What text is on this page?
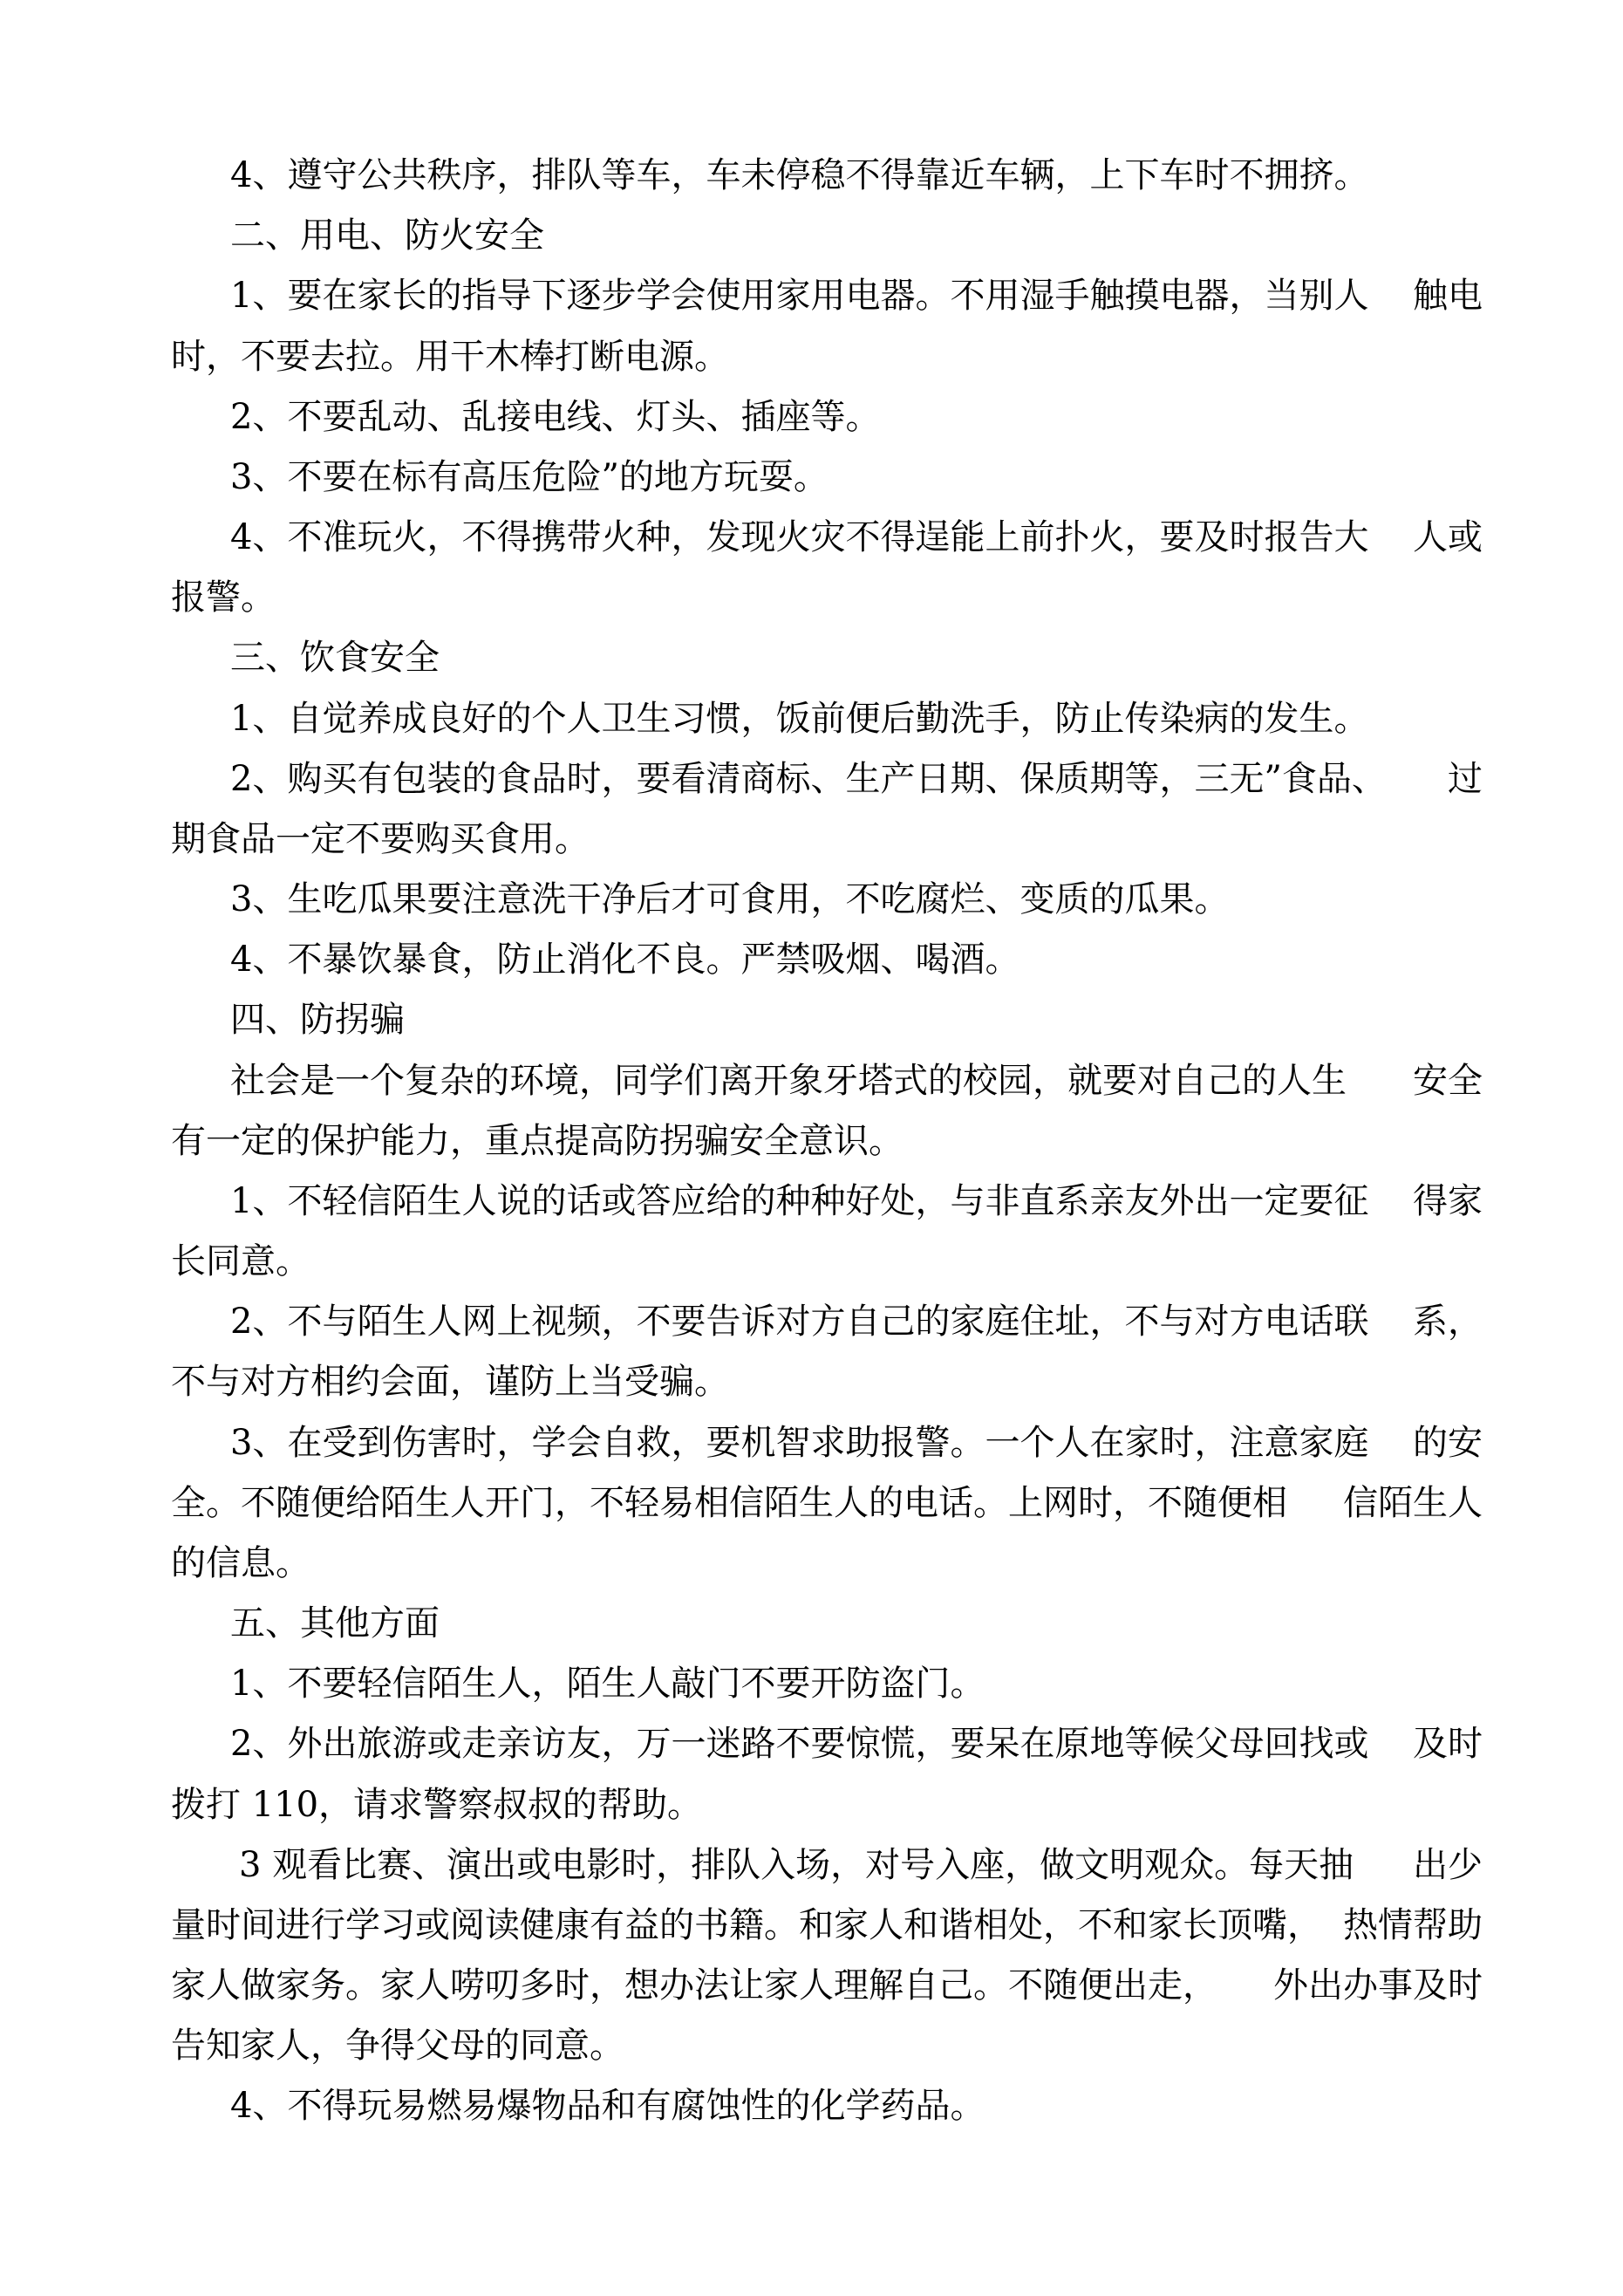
4、遵守公共秩序，排队等车，车未停稳不得靠近车辆，上下车时不拥挤。

二、用电、防火安全

1、要在家长的指导下逐步学会使用家用电器。不用湿手触摸电器，当别人 触电

时，不要去拉。用干木棒打断电源。

2、不要乱动、乱接电线、灯头、插座等。

3、不要在标有高压危险”的地方玩耍。

4、不准玩火，不得携带火种，发现火灾不得逞能上前扑火，要及时报告大 人或

报警。

三、饮食安全

1、自觉养成良好的个人卫生习惯，饭前便后勤洗手，防止传染病的发生。

2、购买有包装的食品时，要看清商标、生产日期、保质期等，三无”食品、 过

期食品一定不要购买食用。

3、生吃瓜果要注意洗干净后才可食用，不吃腐烂、变质的瓜果。

4、不暴饮暴食，防止消化不良。严禁吸烟、喝酒。

四、防拐骗

社会是一个复杂的环境，同学们离开象牙塔式的校园，就要对自己的人生 安全

有一定的保护能力，重点提高防拐骗安全意识。

1、不轻信陌生人说的话或答应给的种种好处，与非直系亲友外出一定要征 得家

长同意。

2、不与陌生人网上视频，不要告诉对方自己的家庭住址，不与对方电话联 系，

不与对方相约会面，谨防上当受骗。

3、在受到伤害时，学会自救，要机智求助报警。一个人在家时，注意家庭 的安

全。不随便给陌生人开门，不轻易相信陌生人的电话。上网时，不随便相 信陌生人

的信息。

五、其他方面

1、不要轻信陌生人，陌生人敲门不要开防盗门。

2、外出旅游或走亲访友，万一迷路不要惊慌，要呆在原地等候父母回找或 及时

拨打 110，请求警察叔叔的帮助。

3 观看比赛、演出或电影时，排队入场，对号入座，做文明观众。每天抽 出少

量时间进行学习或阅读健康有益的书籍。和家人和谐相处，不和家长顶嘴， 热情帮助

家人做家务。家人唠叨多时，想办法让家人理解自己。不随便出走， 外出办事及时

告知家人，争得父母的同意。

4、不得玩易燃易爆物品和有腐蚀性的化学药品。
